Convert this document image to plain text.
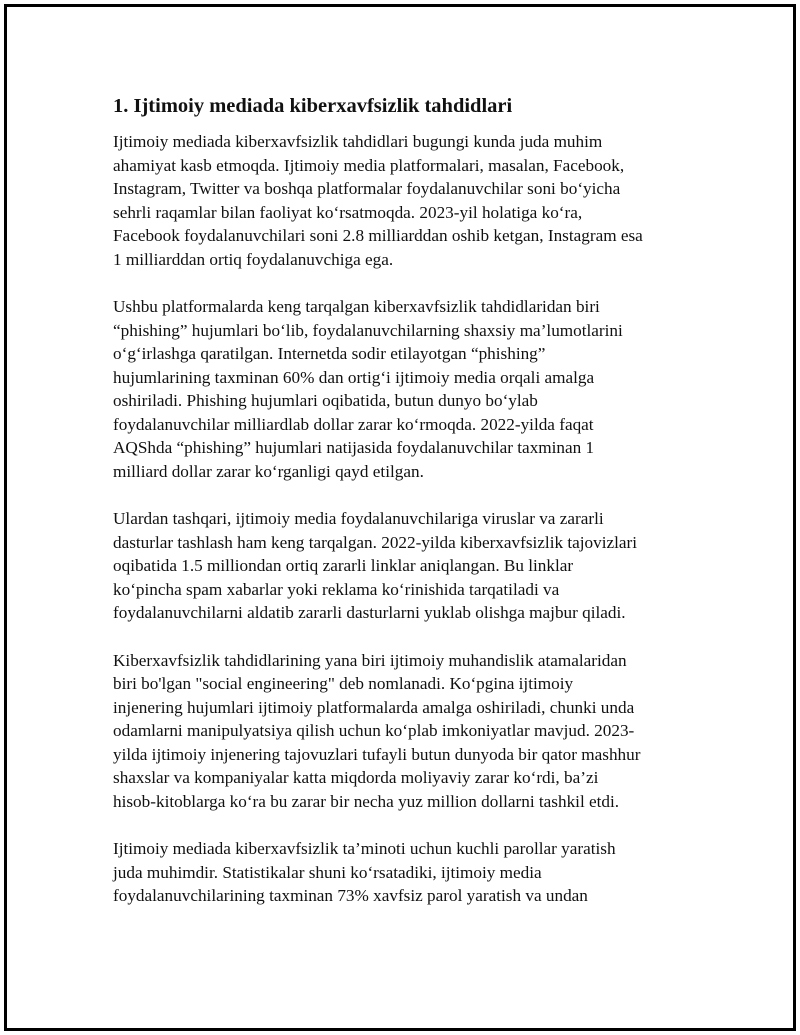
1. Ijtimoiy mediada kiberxavfsizlik tahdidlari

Ijtimoiy mediada kiberxavfsizlik tahdidlari bugungi kunda juda muhim
ahamiyat kasb etmoqda. Ijtimoiy media platformalari, masalan, Facebook,
Instagram, Twitter va boshqa platformalar foydalanuvchilar soni bo‘yicha
sehrli raqamlar bilan faoliyat ko‘rsatmoqda. 2023-yil holatiga ko‘ra,
Facebook foydalanuvchilari soni 2.8 milliarddan oshib ketgan, Instagram esa
1 milliarddan ortiq foydalanuvchiga ega.

Ushbu platformalarda keng tarqalgan kiberxavfsizlik tahdidlaridan biri
“phishing” hujumlari bo‘lib, foydalanuvchilarning shaxsiy ma’lumotlarini
o‘g‘irlashga qaratilgan. Internetda sodir etilayotgan “phishing”
hujumlarining taxminan 60% dan ortig‘i ijtimoiy media orqali amalga
oshiriladi. Phishing hujumlari oqibatida, butun dunyo bo‘ylab
foydalanuvchilar milliardlab dollar zarar ko‘rmoqda. 2022-yilda faqat
AQShda “phishing” hujumlari natijasida foydalanuvchilar taxminan 1
milliard dollar zarar ko‘rganligi qayd etilgan.

Ulardan tashqari, ijtimoiy media foydalanuvchilariga viruslar va zararli
dasturlar tashlash ham keng tarqalgan. 2022-yilda kiberxavfsizlik tajovizlari
oqibatida 1.5 milliondan ortiq zararli linklar aniqlangan. Bu linklar
ko‘pincha spam xabarlar yoki reklama ko‘rinishida tarqatiladi va
foydalanuvchilarni aldatib zararli dasturlarni yuklab olishga majbur qiladi.

Kiberxavfsizlik tahdidlarining yana biri ijtimoiy muhandislik atamalaridan
biri bo'lgan "social engineering" deb nomlanadi. Ko‘pgina ijtimoiy
injenering hujumlari ijtimoiy platformalarda amalga oshiriladi, chunki unda
odamlarni manipulyatsiya qilish uchun ko‘plab imkoniyatlar mavjud. 2023-
yilda ijtimoiy injenering tajovuzlari tufayli butun dunyoda bir qator mashhur
shaxslar va kompaniyalar katta miqdorda moliyaviy zarar ko‘rdi, ba’zi
hisob-kitoblarga ko‘ra bu zarar bir necha yuz million dollarni tashkil etdi.

Ijtimoiy mediada kiberxavfsizlik ta’minoti uchun kuchli parollar yaratish
juda muhimdir. Statistikalar shuni ko‘rsatadiki, ijtimoiy media
foydalanuvchilarining taxminan 73% xavfsiz parol yaratish va undan
